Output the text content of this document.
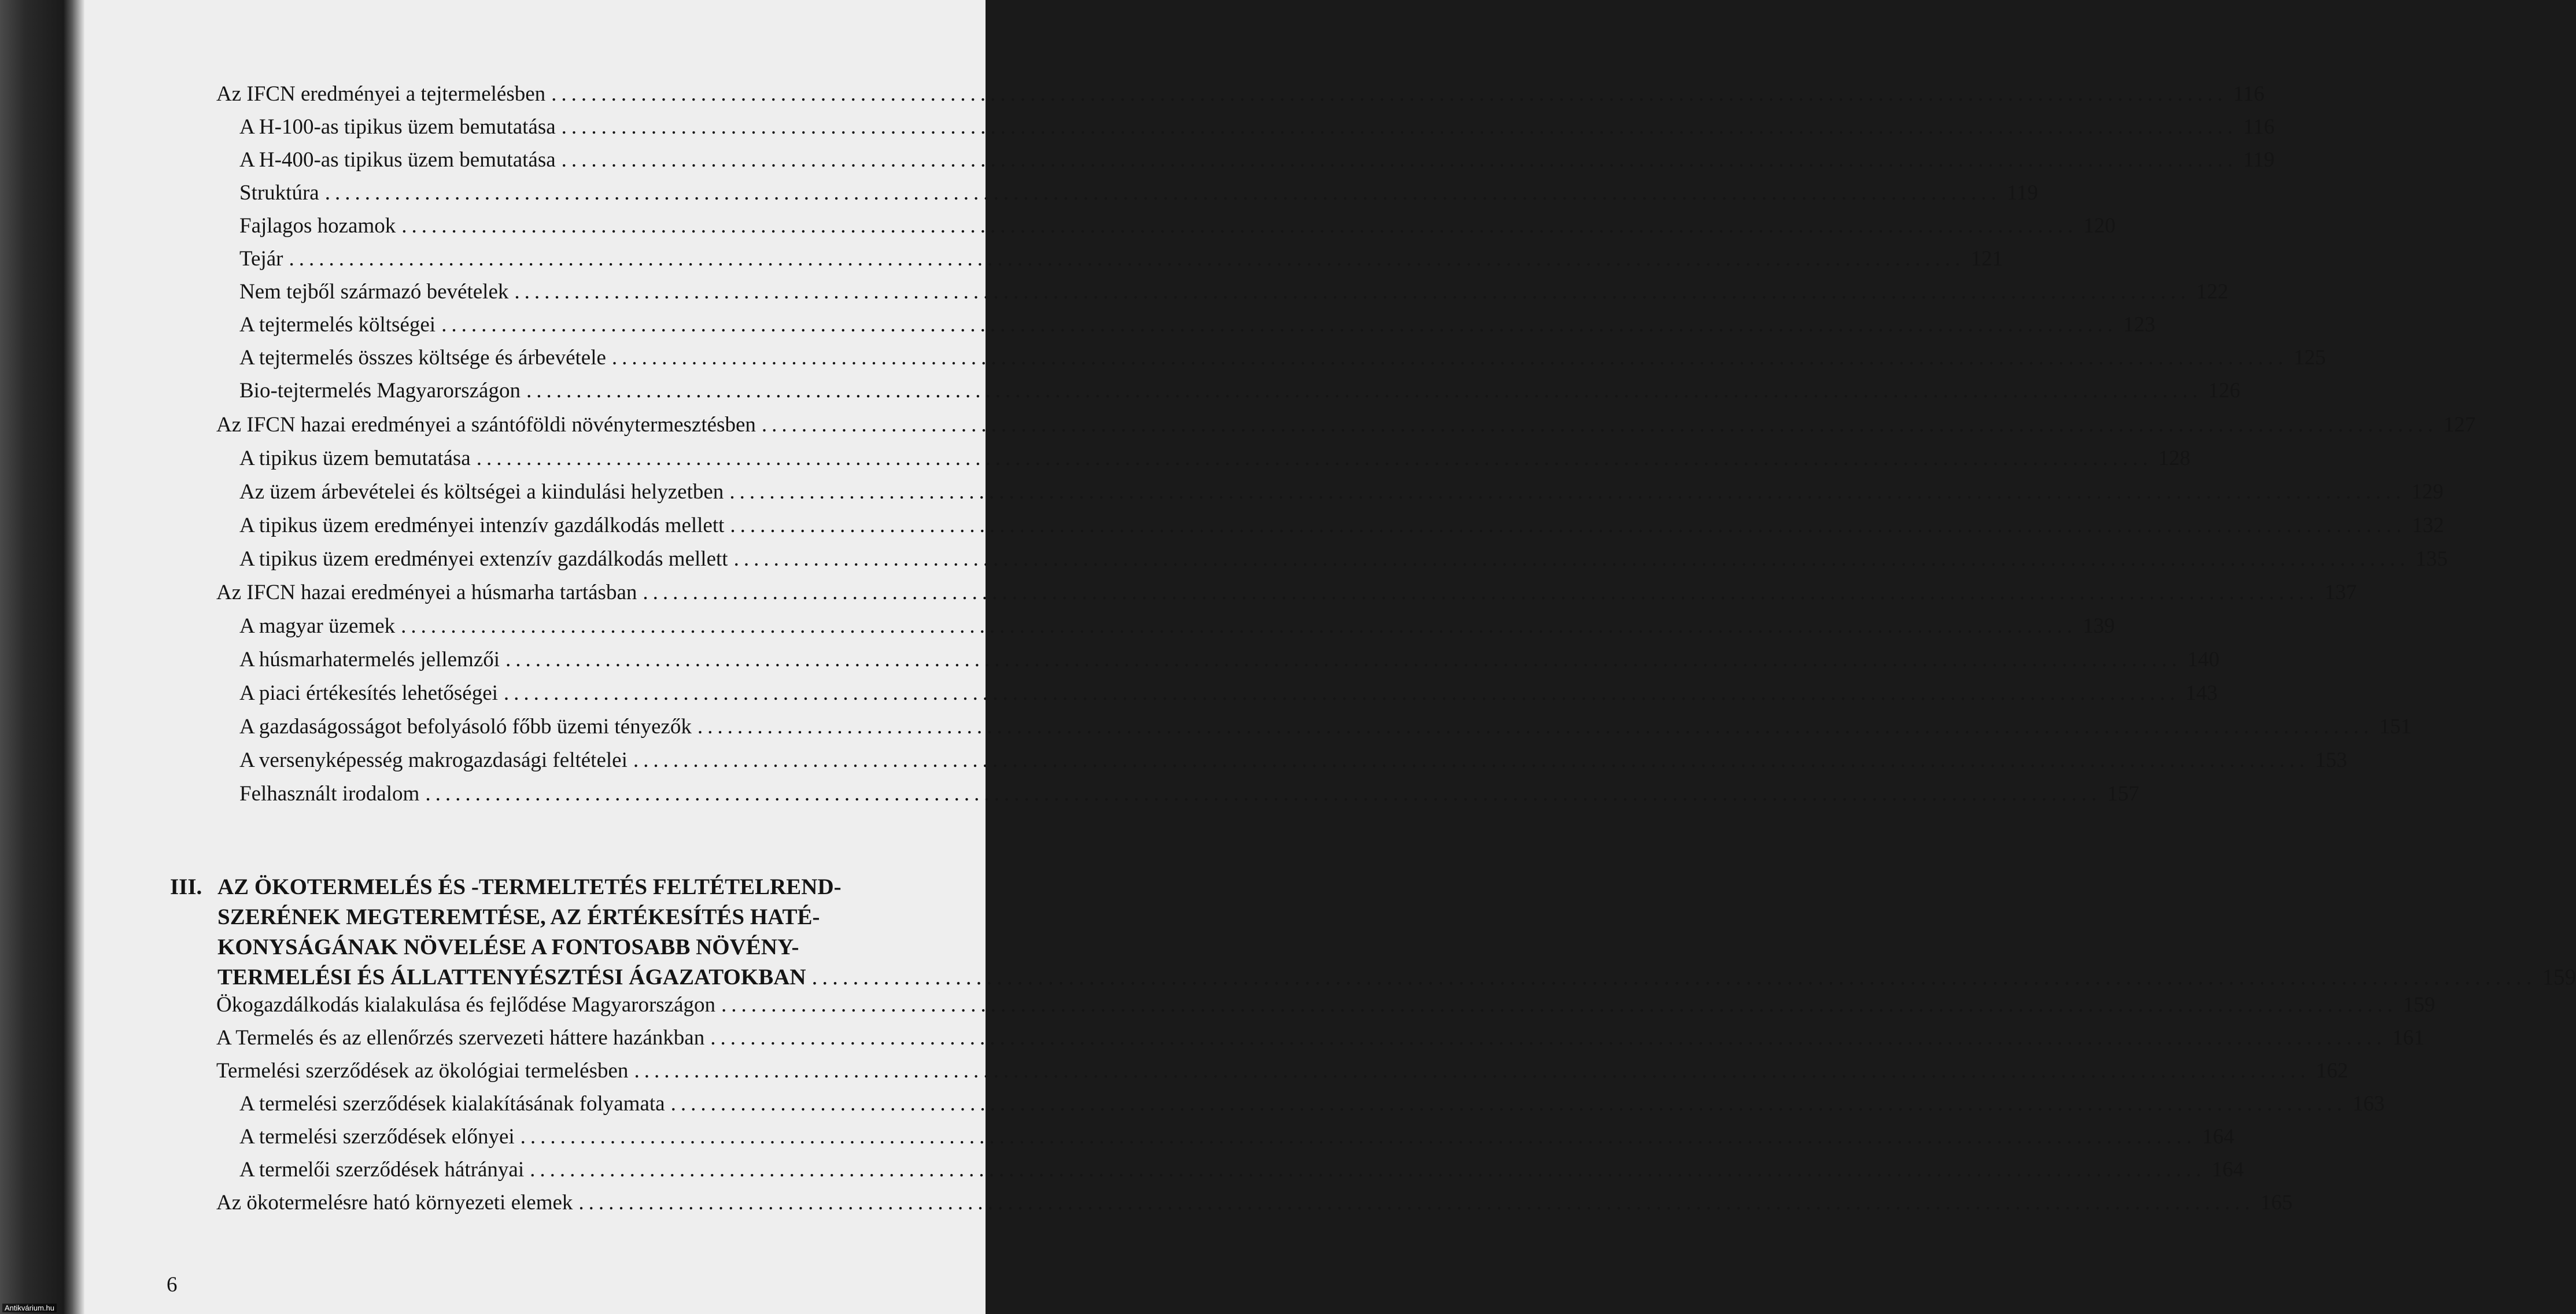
Az IFCN eredményei a tejtermelésben ........................................................................................................................................................................ 116
A H-100-as tipikus üzem bemutatása ........................................................................................................................................................................ 116
A H-400-as tipikus üzem bemutatása ........................................................................................................................................................................ 119
Struktúra ........................................................................................................................................................................ 119
Fajlagos hozamok ........................................................................................................................................................................ 120
Tejár ........................................................................................................................................................................ 121
Nem tejből származó bevételek ........................................................................................................................................................................ 122
A tejtermelés költségei ........................................................................................................................................................................ 123
A tejtermelés összes költsége és árbevétele ........................................................................................................................................................................ 125
Bio-tejtermelés Magyarországon ........................................................................................................................................................................ 126
Az IFCN hazai eredményei a szántóföldi növénytermesztésben ........................................................................................................................................................................ 127
A tipikus üzem bemutatása ........................................................................................................................................................................ 128
Az üzem árbevételei és költségei a kiindulási helyzetben ........................................................................................................................................................................ 129
A tipikus üzem eredményei intenzív gazdálkodás mellett ........................................................................................................................................................................ 132
A tipikus üzem eredményei extenzív gazdálkodás mellett ........................................................................................................................................................................ 135
Az IFCN hazai eredményei a húsmarha tartásban ........................................................................................................................................................................ 137
A magyar üzemek ........................................................................................................................................................................ 139
A húsmarhatermelés jellemzői ........................................................................................................................................................................ 140
A piaci értékesítés lehetőségei ........................................................................................................................................................................ 143
A gazdaságosságot befolyásoló főbb üzemi tényezők ........................................................................................................................................................................ 151
A versenyképesség makrogazdasági feltételei ........................................................................................................................................................................ 153
Felhasznált irodalom ........................................................................................................................................................................ 157
III. AZ ÖKOTERMELÉS ÉS -TERMELTETÉS FELTÉTELREND-
SZERÉNEK MEGTEREMTÉSE, AZ ÉRTÉKESÍTÉS HATÉ-
KONYSÁGÁNAK NÖVELÉSE A FONTOSABB NÖVÉNY-
TERMELÉSI ÉS ÁLLATTENYÉSZTÉSI ÁGAZATOKBAN ........................................................................................................................................................................ 159
Ökogazdálkodás kialakulása és fejlődése Magyarországon ........................................................................................................................................................................ 159
A Termelés és az ellenőrzés szervezeti háttere hazánkban ........................................................................................................................................................................ 161
Termelési szerződések az ökológiai termelésben ........................................................................................................................................................................ 162
A termelési szerződések kialakításának folyamata ........................................................................................................................................................................ 163
A termelési szerződések előnyei ........................................................................................................................................................................ 164
A termelői szerződések hátrányai ........................................................................................................................................................................ 164
Az ökotermelésre ható környezeti elemek ........................................................................................................................................................................ 165
6
Antikvárium.hu
